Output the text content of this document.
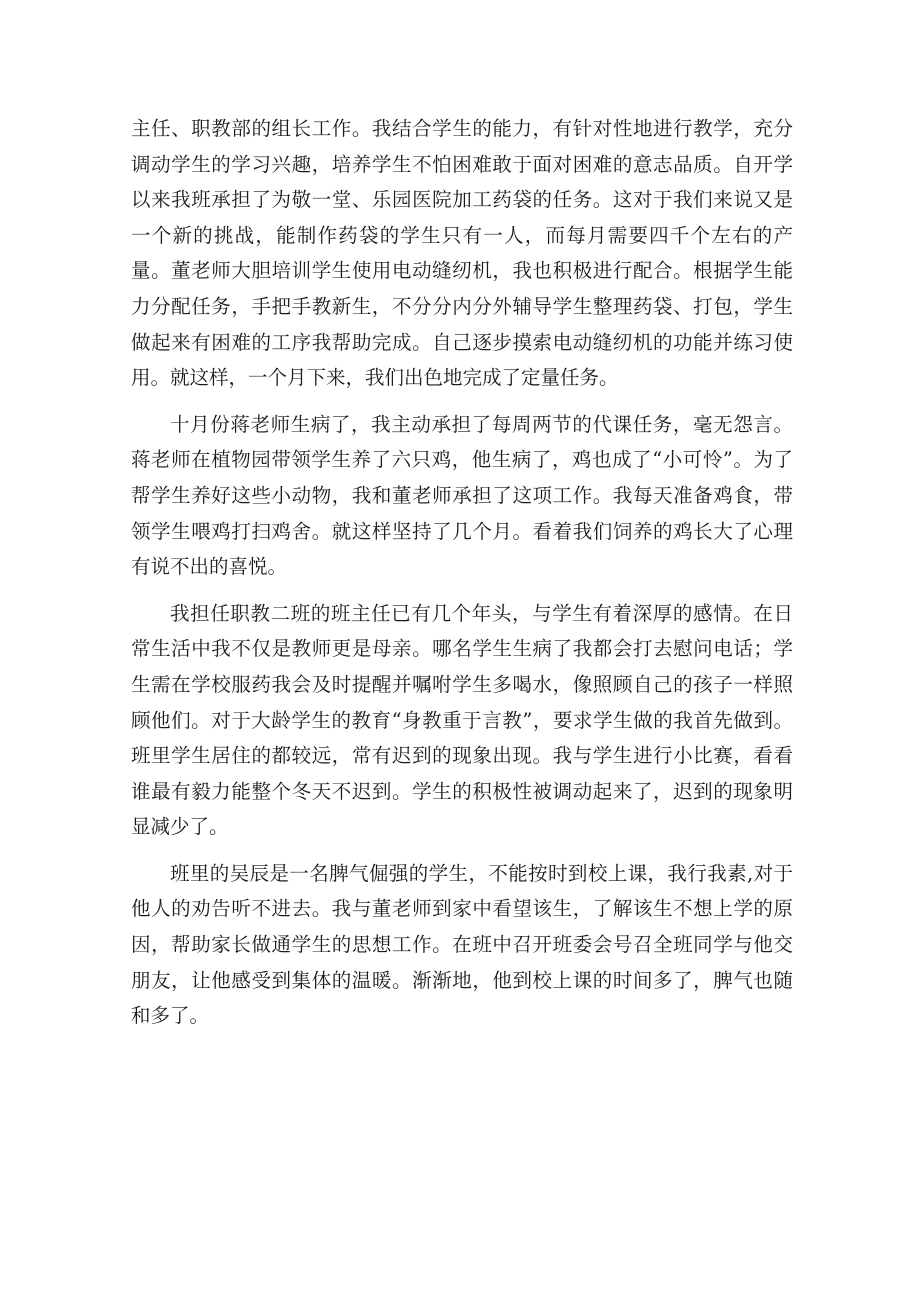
主任、职教部的组长工作。我结合学生的能力，有针对性地进行教学，充分调动学生的学习兴趣，培养学生不怕困难敢于面对困难的意志品质。自开学以来我班承担了为敬一堂、乐园医院加工药袋的任务。这对于我们来说又是一个新的挑战，能制作药袋的学生只有一人，而每月需要四千个左右的产量。董老师大胆培训学生使用电动缝纫机，我也积极进行配合。根据学生能力分配任务，手把手教新生，不分分内分外辅导学生整理药袋、打包，学生做起来有困难的工序我帮助完成。自己逐步摸索电动缝纫机的功能并练习使用。就这样，一个月下来，我们出色地完成了定量任务。

十月份蒋老师生病了，我主动承担了每周两节的代课任务，毫无怨言。蒋老师在植物园带领学生养了六只鸡，他生病了，鸡也成了“小可怜”。为了帮学生养好这些小动物，我和董老师承担了这项工作。我每天准备鸡食，带领学生喂鸡打扫鸡舍。就这样坚持了几个月。看着我们饲养的鸡长大了心理有说不出的喜悦。

我担任职教二班的班主任已有几个年头，与学生有着深厚的感情。在日常生活中我不仅是教师更是母亲。哪名学生生病了我都会打去慰问电话；学生需在学校服药我会及时提醒并嘱咐学生多喝水，像照顾自己的孩子一样照顾他们。对于大龄学生的教育“身教重于言教”，要求学生做的我首先做到。班里学生居住的都较远，常有迟到的现象出现。我与学生进行小比赛，看看谁最有毅力能整个冬天不迟到。学生的积极性被调动起来了，迟到的现象明显减少了。

班里的吴辰是一名脾气倔强的学生，不能按时到校上课，我行我素,对于他人的劝告听不进去。我与董老师到家中看望该生，了解该生不想上学的原因，帮助家长做通学生的思想工作。在班中召开班委会号召全班同学与他交朋友，让他感受到集体的温暖。渐渐地，他到校上课的时间多了，脾气也随和多了。
